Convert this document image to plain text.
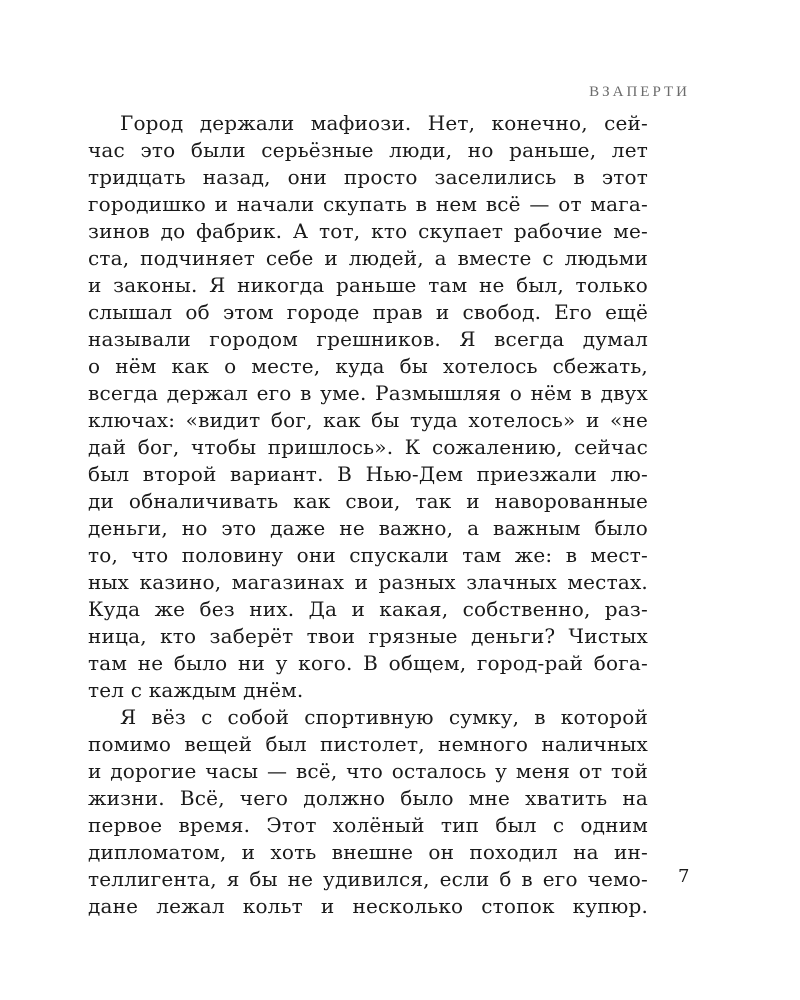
ВЗАПЕРТИ
Город держали мафиози. Нет, конечно, сей-
час это были серьёзные люди, но раньше, лет
тридцать назад, они просто заселились в этот
городишко и начали скупать в нем всё — от мага-
зинов до фабрик. А тот, кто скупает рабочие ме-
ста, подчиняет себе и людей, а вместе с людьми
и законы. Я никогда раньше там не был, только
слышал об этом городе прав и свобод. Его ещё
называли городом грешников. Я всегда думал
о нём как о месте, куда бы хотелось сбежать,
всегда держал его в уме. Размышляя о нём в двух
ключах: «видит бог, как бы туда хотелось» и «не
дай бог, чтобы пришлось». К сожалению, сейчас
был второй вариант. В Нью-Дем приезжали лю-
ди обналичивать как свои, так и наворованные
деньги, но это даже не важно, а важным было
то, что половину они спускали там же: в мест-
ных казино, магазинах и разных злачных местах.
Куда же без них. Да и какая, собственно, раз-
ница, кто заберёт твои грязные деньги? Чистых
там не было ни у кого. В общем, город-рай бога-
тел с каждым днём.
Я вёз с собой спортивную сумку, в которой
помимо вещей был пистолет, немного наличных
и дорогие часы — всё, что осталось у меня от той
жизни. Всё, чего должно было мне хватить на
первое время. Этот холёный тип был с одним
дипломатом, и хоть внешне он походил на ин-
теллигента, я бы не удивился, если б в его чемо-
дане лежал кольт и несколько стопок купюр.
7
